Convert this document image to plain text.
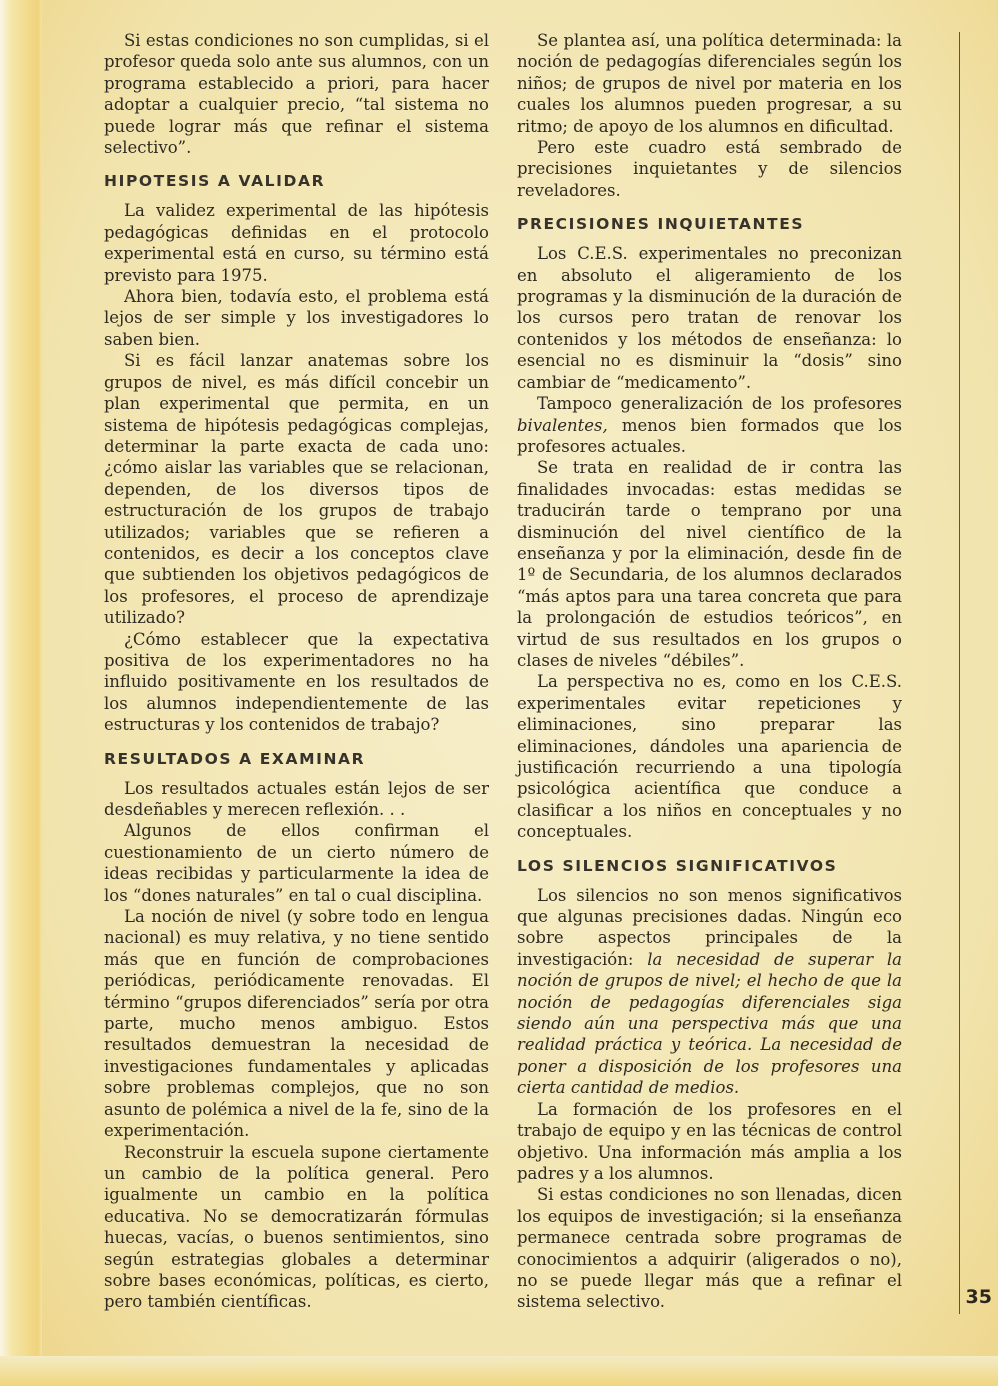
Si estas condiciones no son cumplidas, si el profesor queda solo ante sus alumnos, con un programa establecido a priori, para hacer adoptar a cualquier precio, “tal sistema no puede lograr más que refinar el sistema selectivo”.

HIPOTESIS A VALIDAR

La validez experimental de las hipótesis pedagógicas definidas en el protocolo experimental está en curso, su término está previsto para 1975.

Ahora bien, todavía esto, el problema está lejos de ser simple y los investigadores lo saben bien.

Si es fácil lanzar anatemas sobre los grupos de nivel, es más difícil concebir un plan experimental que permita, en un sistema de hipótesis pedagógicas complejas, determinar la parte exacta de cada uno: ¿cómo aislar las variables que se relacionan, dependen, de los diversos tipos de estructuración de los grupos de trabajo utilizados; variables que se refieren a contenidos, es decir a los conceptos clave que subtienden los objetivos pedagógicos de los profesores, el proceso de aprendizaje utilizado?

¿Cómo establecer que la expectativa positiva de los experimentadores no ha influido positivamente en los resultados de los alumnos independientemente de las estructuras y los contenidos de trabajo?

RESULTADOS A EXAMINAR

Los resultados actuales están lejos de ser desdeñables y merecen reflexión. . .

Algunos de ellos confirman el cuestionamiento de un cierto número de ideas recibidas y particularmente la idea de los “dones naturales” en tal o cual disciplina.

La noción de nivel (y sobre todo en lengua nacional) es muy relativa, y no tiene sentido más que en función de comprobaciones periódicas, periódicamente renovadas. El término “grupos diferenciados” sería por otra parte, mucho menos ambiguo. Estos resultados demuestran la necesidad de investigaciones fundamentales y aplicadas sobre problemas complejos, que no son asunto de polémica a nivel de la fe, sino de la experimentación.

Reconstruir la escuela supone ciertamente un cambio de la política general. Pero igualmente un cambio en la política educativa. No se democratizarán fórmulas huecas, vacías, o buenos sentimientos, sino según estrategias globales a determinar sobre bases económicas, políticas, es cierto, pero también científicas.

Se plantea así, una política determinada: la noción de pedagogías diferenciales según los niños; de grupos de nivel por materia en los cuales los alumnos pueden progresar, a su ritmo; de apoyo de los alumnos en dificultad.

Pero este cuadro está sembrado de precisiones inquietantes y de silencios reveladores.

PRECISIONES INQUIETANTES

Los C.E.S. experimentales no preconizan en absoluto el aligeramiento de los programas y la disminución de la duración de los cursos pero tratan de renovar los contenidos y los métodos de enseñanza: lo esencial no es disminuir la “dosis” sino cambiar de “medicamento”.

Tampoco generalización de los profesores bivalentes, menos bien formados que los profesores actuales.

Se trata en realidad de ir contra las finalidades invocadas: estas medidas se traducirán tarde o temprano por una disminución del nivel científico de la enseñanza y por la eliminación, desde fin de 1º de Secundaria, de los alumnos declarados “más aptos para una tarea concreta que para la prolongación de estudios teóricos”, en virtud de sus resultados en los grupos o clases de niveles “débiles”.

La perspectiva no es, como en los C.E.S. experimentales evitar repeticiones y eliminaciones, sino preparar las eliminaciones, dándoles una apariencia de justificación recurriendo a una tipología psicológica acientífica que conduce a clasificar a los niños en conceptuales y no conceptuales.

LOS SILENCIOS SIGNIFICATIVOS

Los silencios no son menos significativos que algunas precisiones dadas. Ningún eco sobre aspectos principales de la investigación: la necesidad de superar la noción de grupos de nivel; el hecho de que la noción de pedagogías diferenciales siga siendo aún una perspectiva más que una realidad práctica y teórica. La necesidad de poner a disposición de los profesores una cierta cantidad de medios.

La formación de los profesores en el trabajo de equipo y en las técnicas de control objetivo. Una información más amplia a los padres y a los alumnos.

Si estas condiciones no son llenadas, dicen los equipos de investigación; si la enseñanza permanece centrada sobre programas de conocimientos a adquirir (aligerados o no), no se puede llegar más que a refinar el sistema selectivo.	35
